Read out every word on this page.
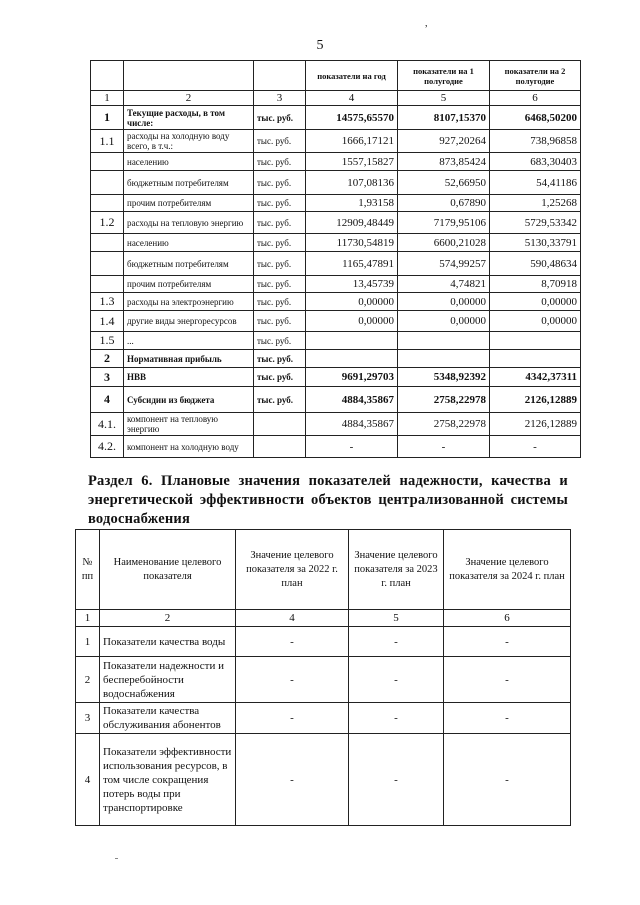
,
5
			показатели на год	показатели на 1 полугодие	показатели на 2 полугодие
1	2	3	4	5	6
1	Текущие расходы, в том числе:	тыс. руб.	14575,65570	8107,15370	6468,50200
1.1	расходы на холодную воду всего, в т.ч.:	тыс. руб.	1666,17121	927,20264	738,96858
	населению	тыс. руб.	1557,15827	873,85424	683,30403
	бюджетным потребителям	тыс. руб.	107,08136	52,66950	54,41186
	прочим потребителям	тыс. руб.	1,93158	0,67890	1,25268
1.2	расходы на тепловую энергию	тыс. руб.	12909,48449	7179,95106	5729,53342
	населению	тыс. руб.	11730,54819	6600,21028	5130,33791
	бюджетным потребителям	тыс. руб.	1165,47891	574,99257	590,48634
	прочим потребителям	тыс. руб.	13,45739	4,74821	8,70918
1.3	расходы на электроэнергию	тыс. руб.	0,00000	0,00000	0,00000
1.4	другие виды энергоресурсов	тыс. руб.	0,00000	0,00000	0,00000
1.5	...	тыс. руб.			
2	Нормативная прибыль	тыс. руб.			
3	НВВ	тыс. руб.	9691,29703	5348,92392	4342,37311
4	Субсидии из бюджета	тыс. руб.	4884,35867	2758,22978	2126,12889
4.1.	компонент на тепловую энергию		4884,35867	2758,22978	2126,12889
4.2.	компонент на холодную воду		-	-	-
Раздел 6. Плановые значения показателей надежности, качества и энергетической эффективности объектов централизованной системы водоснабжения
№ пп	Наименование целевого показателя	Значение целевого показателя за 2022 г. план	Значение целевого показателя за 2023 г. план	Значение целевого показателя за 2024 г. план
1	2	4	5	6
1	Показатели качества воды	-	-	-
2	Показатели надежности и бесперебойности водоснабжения	-	-	-
3	Показатели качества обслуживания абонентов	-	-	-
4	Показатели эффективности использования ресурсов, в том числе сокращения потерь воды при транспортировке	-	-	-
